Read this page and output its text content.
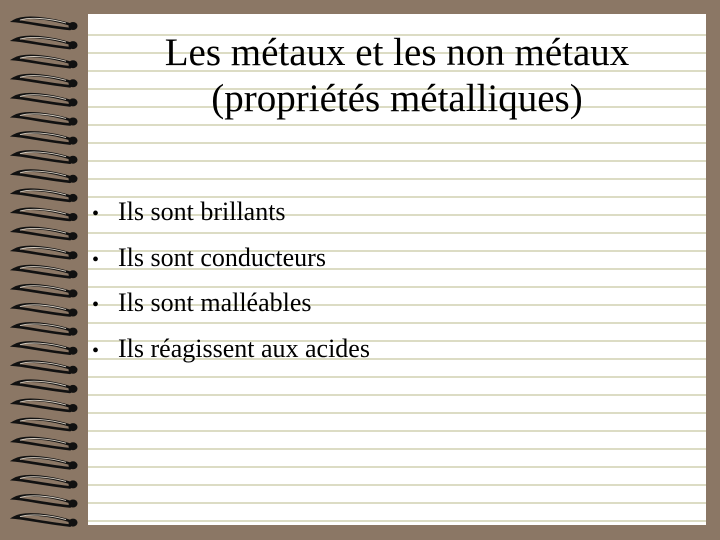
Les métaux et les non métaux
(propriétés métalliques)
• Ils sont brillants
• Ils sont conducteurs
• Ils sont malléables
• Ils réagissent aux acides
